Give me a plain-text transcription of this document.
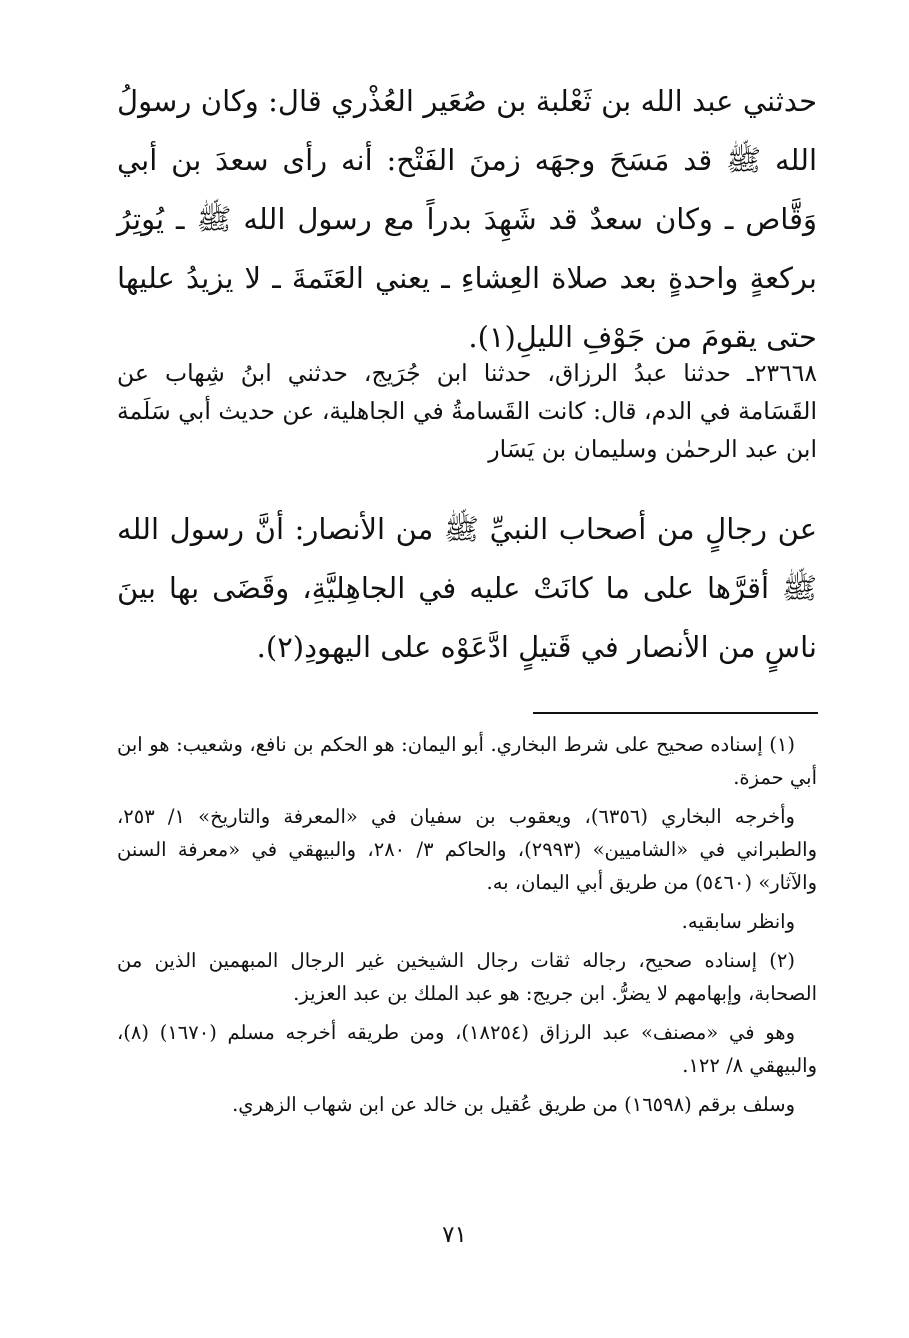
حدثني عبد الله بن ثَعْلبة بن صُعَير العُذْري قال: وكان رسولُ الله ﷺ قد مَسَحَ وجهَه زمنَ الفَتْح: أنه رأى سعدَ بن أبي وَقَّاص ـ وكان سعدٌ قد شَهِدَ بدراً مع رسول الله ﷺ ـ يُوتِرُ بركعةٍ واحدةٍ بعد صلاة العِشاءِ ـ يعني العَتَمةَ ـ لا يزيدُ عليها حتى يقومَ من جَوْفِ الليلِ(١).

٢٣٦٦٨ـ حدثنا عبدُ الرزاق، حدثنا ابن جُرَيج، حدثني ابنُ شِهاب عن القَسَامة في الدم، قال: كانت القَسامةُ في الجاهلية، عن حديث أبي سَلَمة ابن عبد الرحمٰن وسليمان بن يَسَار

عن رجالٍ من أصحاب النبيِّ ﷺ من الأنصار: أنَّ رسول الله ﷺ أقرَّها على ما كانَتْ عليه في الجاهِليَّةِ، وقَضَى بها بينَ ناسٍ من الأنصار في قَتيلٍ ادَّعَوْه على اليهودِ(٢).

(١) إسناده صحيح على شرط البخاري. أبو اليمان: هو الحكم بن نافع، وشعيب: هو ابن أبي حمزة.

وأخرجه البخاري (٦٣٥٦)، ويعقوب بن سفيان في «المعرفة والتاريخ» ١/ ٢٥٣، والطبراني في «الشاميين» (٢٩٩٣)، والحاكم ٣/ ٢٨٠، والبيهقي في «معرفة السنن والآثار» (٥٤٦٠) من طريق أبي اليمان، به.

وانظر سابقيه.

(٢) إسناده صحيح، رجاله ثقات رجال الشيخين غير الرجال المبهمين الذين من الصحابة، وإبهامهم لا يضرُّ. ابن جريج: هو عبد الملك بن عبد العزيز.

وهو في «مصنف» عبد الرزاق (١٨٢٥٤)، ومن طريقه أخرجه مسلم (١٦٧٠) (٨)، والبيهقي ٨/ ١٢٢.

وسلف برقم (١٦٥٩٨) من طريق عُقيل بن خالد عن ابن شهاب الزهري.

٧١
